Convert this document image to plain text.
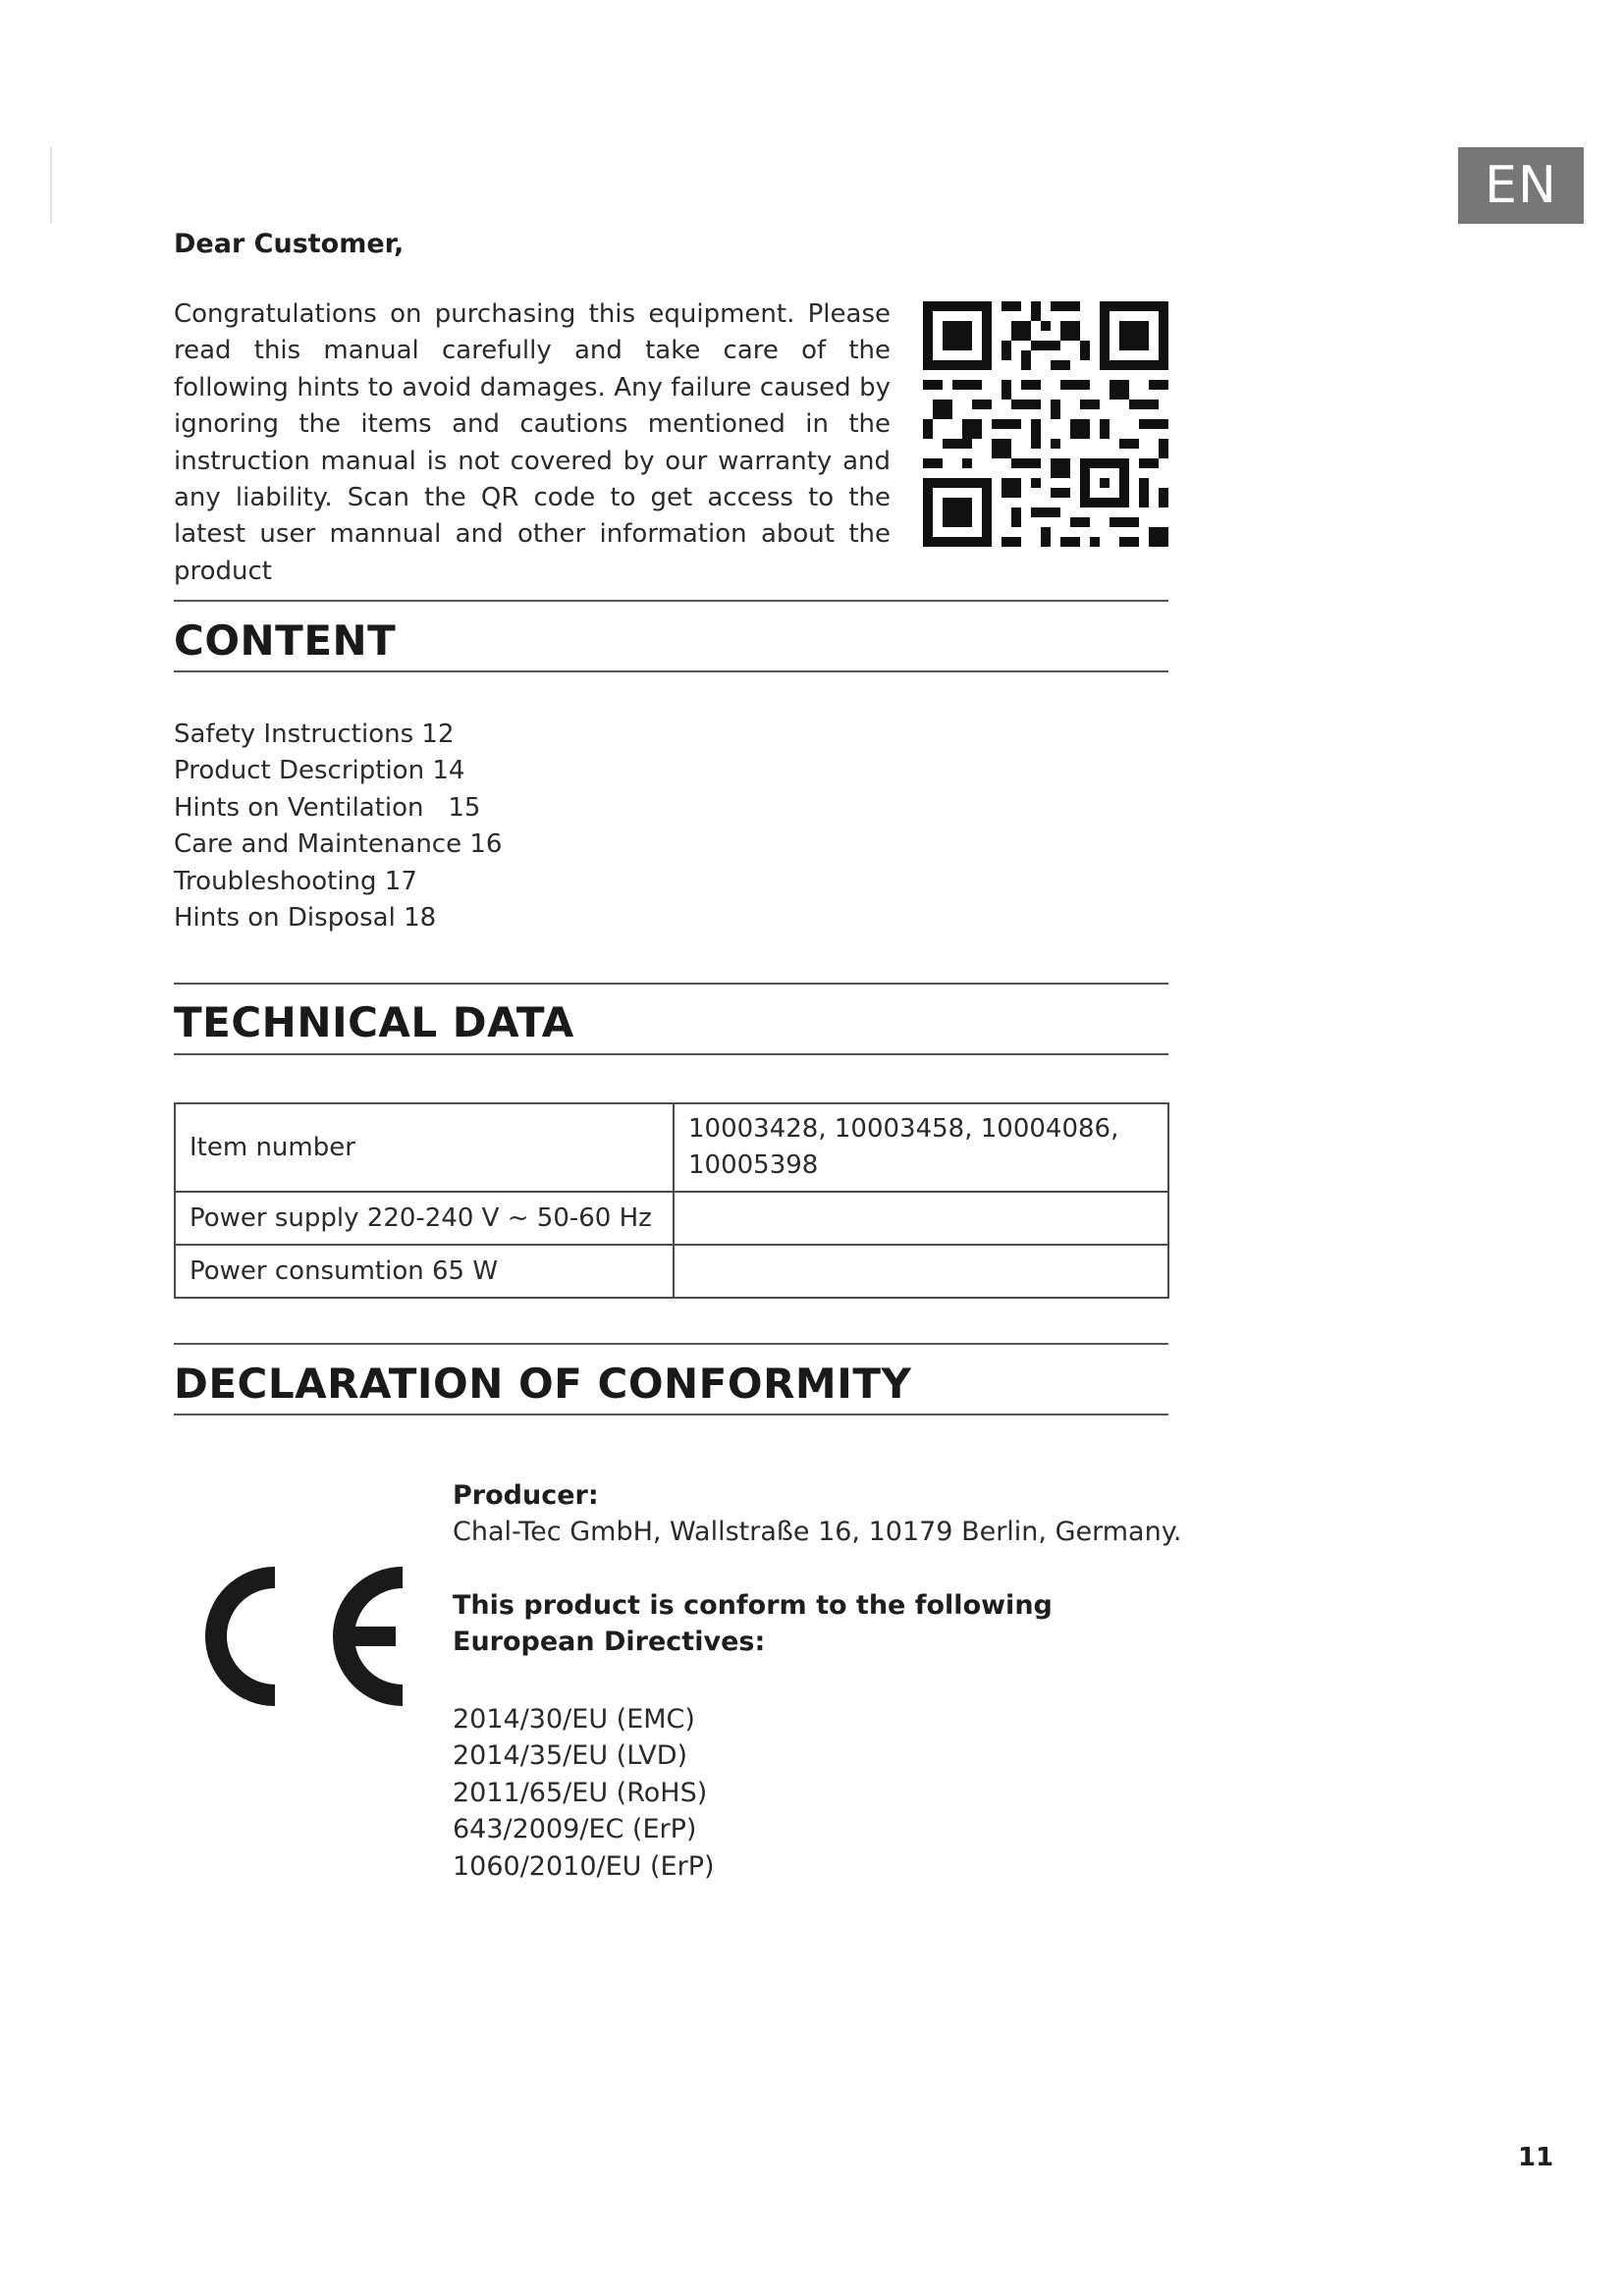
EN
Dear Customer,

Congratulations on purchasing this equipment. Please read this manual carefully and take care of the following hints to avoid damages. Any failure caused by ignoring the items and cautions mentioned in the instruction manual is not covered by our warranty and any liability. Scan the QR code to get access to the latest user mannual and other information about the product

CONTENT
Safety Instructions 12
Product Description 14
Hints on Ventilation   15
Care and Maintenance 16
Troubleshooting 17
Hints on Disposal 18
TECHNICAL DATA
Item number	10003428, 10003458, 10004086, 10005398
Power supply 220-240 V ~ 50-60 Hz	
Power consumtion 65 W	
DECLARATION OF CONFORMITY
Producer:
Chal-Tec GmbH, Wallstraße 16, 10179 Berlin, Germany.

This product is conform to the following European Directives:

2014/30/EU (EMC)
2014/35/EU (LVD)
2011/65/EU (RoHS)
643/2009/EC (ErP)
1060/2010/EU (ErP)
11
